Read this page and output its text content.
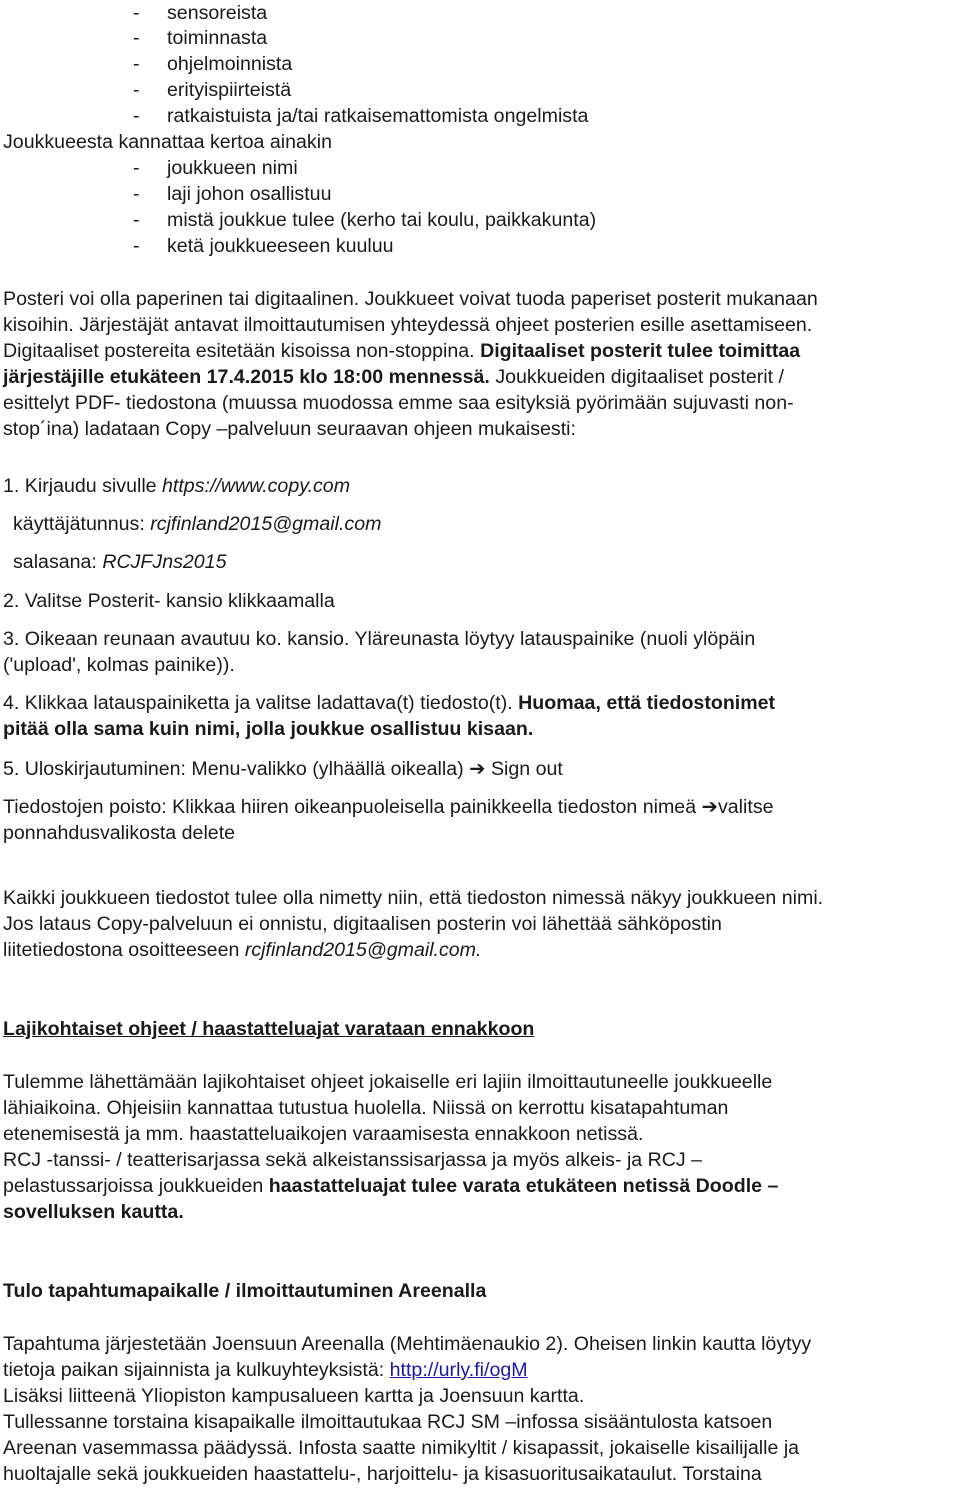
- sensoreista
- toiminnasta
- ohjelmoinnista
- erityispiirteistä
- ratkaistuista ja/tai ratkaisemattomista ongelmista
Joukkueesta kannattaa kertoa ainakin
- joukkueen nimi
- laji johon osallistuu
- mistä joukkue tulee (kerho tai koulu, paikkakunta)
- ketä joukkueeseen kuuluu
Posteri voi olla paperinen tai digitaalinen. Joukkueet voivat tuoda paperiset posterit mukanaan
kisoihin. Järjestäjät antavat ilmoittautumisen yhteydessä ohjeet posterien esille asettamiseen.
Digitaaliset postereita esitetään kisoissa non-stoppina. Digitaaliset posterit tulee toimittaa
järjestäjille etukäteen 17.4.2015 klo 18:00 mennessä. Joukkueiden digitaaliset posterit /
esittelyt PDF- tiedostona (muussa muodossa emme saa esityksiä pyörimään sujuvasti non-
stop´ina) ladataan Copy –palveluun seuraavan ohjeen mukaisesti:
1. Kirjaudu sivulle https://www.copy.com
käyttäjätunnus: rcjfinland2015@gmail.com
salasana: RCJFJns2015
2. Valitse Posterit- kansio klikkaamalla
3. Oikeaan reunaan avautuu ko. kansio. Yläreunasta löytyy latauspainike (nuoli ylöpäin
('upload', kolmas painike)).
4. Klikkaa latauspainiketta ja valitse ladattava(t) tiedosto(t). Huomaa, että tiedostonimet
pitää olla sama kuin nimi, jolla joukkue osallistuu kisaan.
5. Uloskirjautuminen: Menu-valikko (ylhäällä oikealla) ➔ Sign out
Tiedostojen poisto: Klikkaa hiiren oikeanpuoleisella painikkeella tiedoston nimeä ➔valitse
ponnahdusvalikosta delete
Kaikki joukkueen tiedostot tulee olla nimetty niin, että tiedoston nimessä näkyy joukkueen nimi.
Jos lataus Copy-palveluun ei onnistu, digitaalisen posterin voi lähettää sähköpostin
liitetiedostona osoitteeseen rcjfinland2015@gmail.com.
Lajikohtaiset ohjeet / haastatteluajat varataan ennakkoon
Tulemme lähettämään lajikohtaiset ohjeet jokaiselle eri lajiin ilmoittautuneelle joukkueelle
lähiaikoina. Ohjeisiin kannattaa tutustua huolella. Niissä on kerrottu kisatapahtuman
etenemisestä ja mm. haastatteluaikojen varaamisesta ennakkoon netissä.
RCJ -tanssi- / teatterisarjassa sekä alkeistanssisarjassa ja myös alkeis- ja RCJ –
pelastussarjoissa joukkueiden haastatteluajat tulee varata etukäteen netissä Doodle –
sovelluksen kautta.
Tulo tapahtumapaikalle / ilmoittautuminen Areenalla
Tapahtuma järjestetään Joensuun Areenalla (Mehtimäenaukio 2). Oheisen linkin kautta löytyy
tietoja paikan sijainnista ja kulkuyhteyksistä: http://urly.fi/ogM
Lisäksi liitteenä Yliopiston kampusalueen kartta ja Joensuun kartta.
Tullessanne torstaina kisapaikalle ilmoittautukaa RCJ SM –infossa sisääntulosta katsoen
Areenan vasemmassa päädyssä. Infosta saatte nimikyltit / kisapassit, jokaiselle kisailijalle ja
huoltajalle sekä joukkueiden haastattelu-, harjoittelu- ja kisasuoritusaikataulut. Torstaina
